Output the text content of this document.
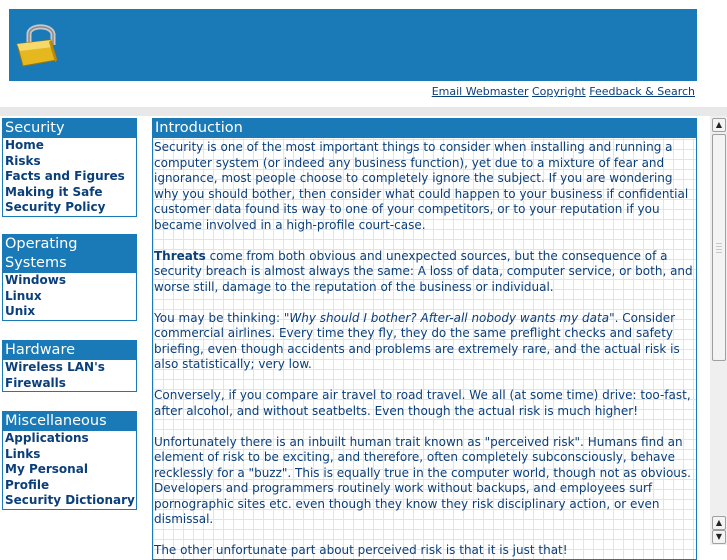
Email Webmaster Copyright Feedback & Search
Security
Home
Risks
Facts and Figures
Making it Safe
Security Policy
Operating
Systems
Windows
Linux
Unix
Hardware
Wireless LAN's
Firewalls
Miscellaneous
Applications
Links
My Personal Profile
Security Dictionary
Introduction

Security is one of the most important things to consider when installing and running a computer system (or indeed any business function), yet due to a mixture of fear and ignorance, most people choose to completely ignore the subject. If you are wondering why you should bother, then consider what could happen to your business if confidential customer data found its way to one of your competitors, or to your reputation if you became involved in a high-profile court-case.

Threats come from both obvious and unexpected sources, but the consequence of a security breach is almost always the same: A loss of data, computer service, or both, and worse still, damage to the reputation of the business or individual.

You may be thinking: "Why should I bother? After-all nobody wants my data". Consider commercial airlines. Every time they fly, they do the same preflight checks and safety briefing, even though accidents and problems are extremely rare, and the actual risk is also statistically; very low.

Conversely, if you compare air travel to road travel. We all (at some time) drive: too-fast, after alcohol, and without seatbelts. Even though the actual risk is much higher!

Unfortunately there is an inbuilt human trait known as "perceived risk". Humans find an element of risk to be exciting, and therefore, often completely subconsciously, behave recklessly for a "buzz". This is equally true in the computer world, though not as obvious. Developers and programmers routinely work without backups, and employees surf pornographic sites etc. even though they know they risk disciplinary action, or even dismissal.

The other unfortunate part about perceived risk is that it is just that!

▲
▲
▼
